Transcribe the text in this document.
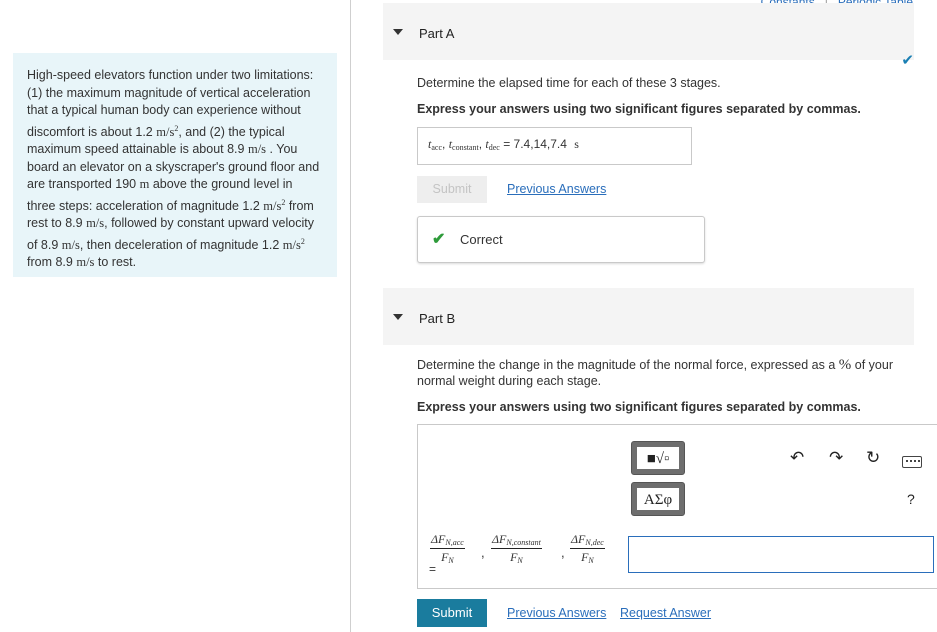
High-speed elevators function under two limitations: (1) the maximum magnitude of vertical acceleration that a typical human body can experience without discomfort is about 1.2 $m/s^2$, and (2) the typical maximum speed attainable is about 8.9 m/s . You board an elevator on a skyscraper's ground floor and are transported 190 m above the ground level in three steps: acceleration of magnitude 1.2 $m/s^2$ from rest to 8.9 m/s, followed by constant upward velocity of 8.9 m/s, then deceleration of magnitude 1.2 $m/s^2$ from 8.9 m/s to rest.
Part A
✔
Determine the elapsed time for each of these 3 stages.
Express your answers using two significant figures separated by commas.
$t_{acc}$, $t_{constant}$, $t_{dec} = 7.4,14,7.4$ s
Submit	Previous Answers
✔ Correct
Part B
Determine the change in the magnitude of the normal force, expressed as a % of your normal weight during each stage.
Express your answers using two significant figures separated by commas.
■√▫
ΑΣφ
↶ ↷ ↻
?
$\Delta F_{N,acc}$
$F_N$
,
$\Delta F_{N,constant}$
$F_N$
,
$\Delta F_{N,dec}$
$F_N$
=
Submit	Previous Answers Request Answer
